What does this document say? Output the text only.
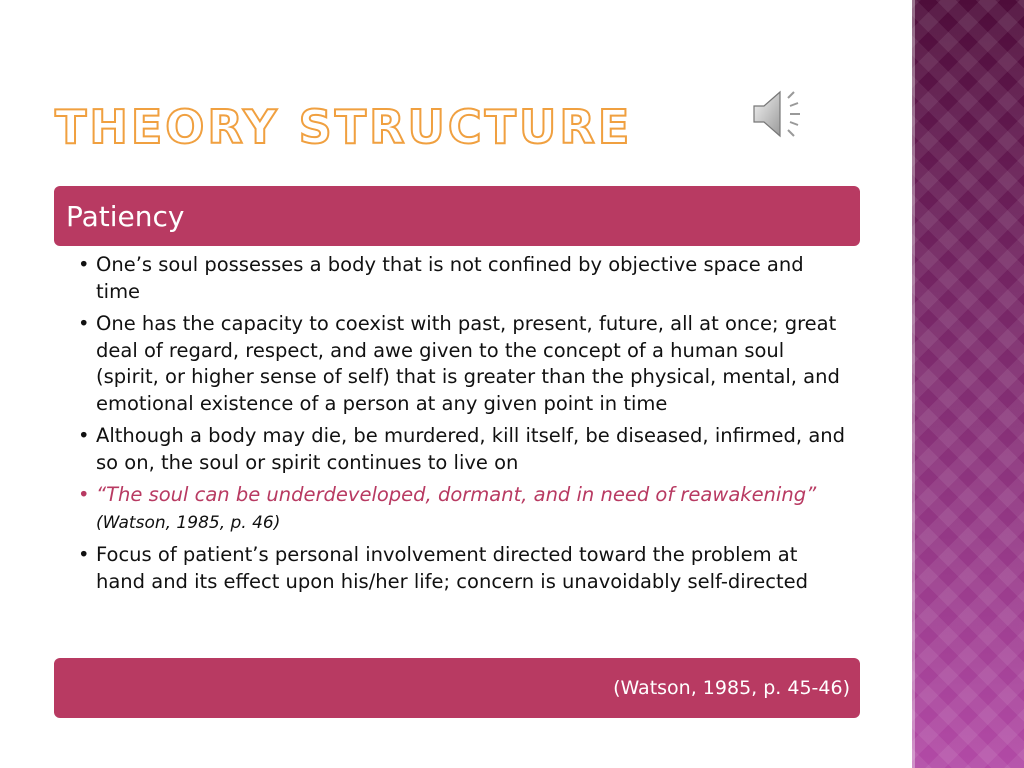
THEORY STRUCTURE
Patiency
• One’s soul possesses a body that is not confined by objective space and time
• One has the capacity to coexist with past, present, future, all at once; great deal of regard, respect, and awe given to the concept of a human soul (spirit, or higher sense of self) that is greater than the physical, mental, and emotional existence of a person at any given point in time
• Although a body may die, be murdered, kill itself, be diseased, infirmed, and so on, the soul or spirit continues to live on
• “The soul can be underdeveloped, dormant, and in need of reawakening” (Watson, 1985, p. 46)
• Focus of patient’s personal involvement directed toward the problem at hand and its effect upon his/her life; concern is unavoidably self-directed
(Watson, 1985, p. 45-46)
